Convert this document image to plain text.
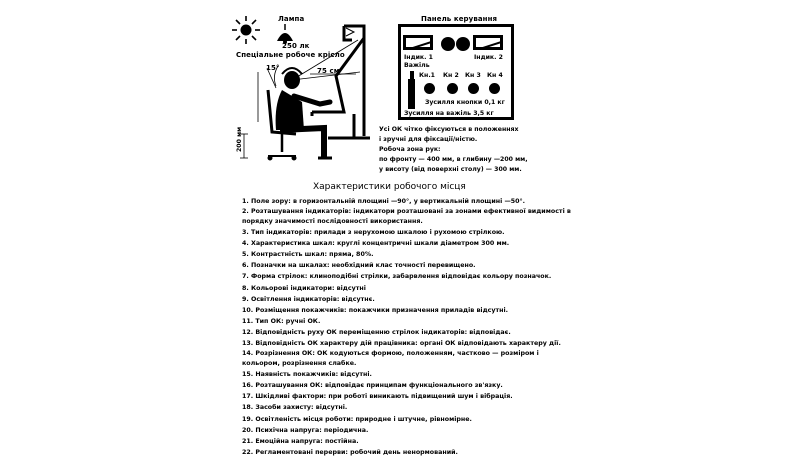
Лампа
250 лк
Спеціальне робоче крісло
15°	75 см
200 мм
Панель керування
Індик. 1	Індик. 2
Важіль
Кн.1 Кн 2 Кн 3 Кн 4
Зусилля кнопки 0,1 кг
Зусилля на важіль 3,5 кг
Усі ОК чітко фіксуються в положеннях
і зручні для фіксації/ністю.
Робоча зона рук:
по фронту — 400 мм, в глибину —200 мм,
у висоту (від поверхні столу) — 300 мм.
Характеристики робочого місця
1. Поле зору: в горизонтальній площині —90°, у вертикальній площині —50°.
2. Розташування індикаторів: індикатори розташовані за зонами ефективної видимості в порядку значимості послідовності використання.
3. Тип індикаторів: прилади з нерухомою шкалою і рухомою стрілкою.
4. Характеристика шкал: круглі концентричні шкали діаметром 300 мм.
5. Контрастність шкал: пряма, 80%.
6. Позначки на шкалах: необхідний клас точності перевищено.
7. Форма стрілок: клиноподібні стрілки, забарвлення відповідає кольору позначок.
8. Кольорові індикатори: відсутні
9. Освітлення індикаторів: відсутнє.
10. Розміщення покажчиків: покажчики призначення приладів відсутні.
11. Тип ОК: ручні ОК.
12. Відповідність руху ОК переміщенню стрілок індикаторів: відповідає.
13. Відповідність ОК характеру дій працівника: органі ОК відповідають характеру дії.
14. Розрізнення ОК: ОК кодуються формою, положенням, частково — розміром і кольором, розрізнення слабке.
15. Наявність покажчиків: відсутні.
16. Розташування ОК: відповідає принципам функціонального зв'язку.
17. Шкідливі фактори: при роботі виникають підвищений шум і вібрація.
18. Засоби захисту: відсутні.
19. Освітленість місця роботи: природне і штучне, рівномірне.
20. Психічна напруга: періодична.
21. Емоційна напруга: постійна.
22. Регламентовані перерви: робочий день ненормований.
